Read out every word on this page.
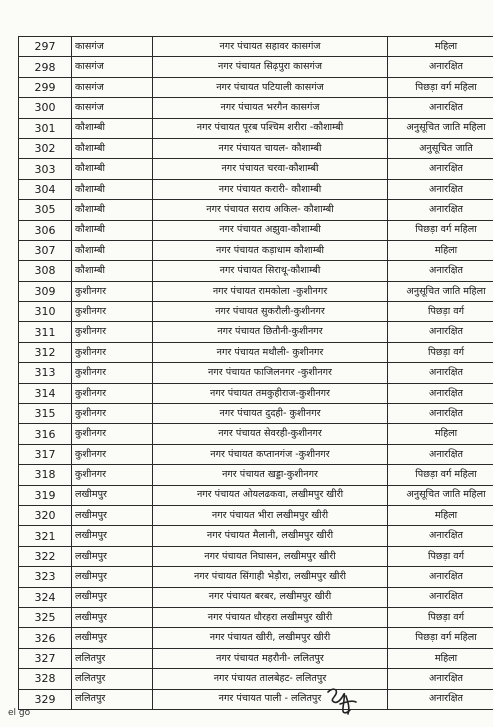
297	कासगंज	नगर पंचायत सहावर कासगंज	महिला
298	कासगंज	नगर पंचायत सिढ़पुरा कासगंज	अनारक्षित
299	कासगंज	नगर पंचायत पटियाली कासगंज	पिछड़ा वर्ग महिला
300	कासगंज	नगर पंचायत भरगैन कासगंज	अनारक्षित
301	कौशाम्बी	नगर पंचायत पूरब पश्चिम शरीरा -कौशाम्बी	अनुसूचित जाति महिला
302	कौशाम्बी	नगर पंचायत चायल- कौशाम्बी	अनुसूचित जाति
303	कौशाम्बी	नगर पंचायत चरवा-कौशाम्बी	अनारक्षित
304	कौशाम्बी	नगर पंचायत करारी- कौशाम्बी	अनारक्षित
305	कौशाम्बी	नगर पंचायत सराय अकिल- कौशाम्बी	अनारक्षित
306	कौशाम्बी	नगर पंचायत अझुवा-कौशाम्बी	पिछड़ा वर्ग महिला
307	कौशाम्बी	नगर पंचायत कड़ाधाम कौशाम्बी	महिला
308	कौशाम्बी	नगर पंचायत सिराथू-कौशाम्बी	अनारक्षित
309	कुशीनगर	नगर पंचायत रामकोला -कुशीनगर	अनुसूचित जाति महिला
310	कुशीनगर	नगर पंचायत सुकरौली-कुशीनगर	पिछड़ा वर्ग
311	कुशीनगर	नगर पंचायत छितौनी-कुशीनगर	अनारक्षित
312	कुशीनगर	नगर पंचायत मथौली- कुशीनगर	पिछड़ा वर्ग
313	कुशीनगर	नगर पंचायत फाजिलनगर -कुशीनगर	अनारक्षित
314	कुशीनगर	नगर पंचायत तमकुहीराज-कुशीनगर	अनारक्षित
315	कुशीनगर	नगर पंचायत दुदही- कुशीनगर	अनारक्षित
316	कुशीनगर	नगर पंचायत सेवरही-कुशीनगर	महिला
317	कुशीनगर	नगर पंचायत कप्तानगंज -कुशीनगर	अनारक्षित
318	कुशीनगर	नगर पंचायत खड्डा-कुशीनगर	पिछड़ा वर्ग महिला
319	लखीमपुर	नगर पंचायत ओयलढकवा, लखीमपुर खीरी	अनुसूचित जाति महिला
320	लखीमपुर	नगर पंचायत भीरा लखीमपुर खीरी	महिला
321	लखीमपुर	नगर पंचायत मैलानी, लखीमपुर खीरी	अनारक्षित
322	लखीमपुर	नगर पंचायत निघासन, लखीमपुर खीरी	पिछड़ा वर्ग
323	लखीमपुर	नगर पंचायत सिंगाही भेड़ौरा, लखीमपुर खीरी	अनारक्षित
324	लखीमपुर	नगर पंचायत बरबर, लखीमपुर खीरी	अनारक्षित
325	लखीमपुर	नगर पंचायत धौरहरा लखीमपुर खीरी	पिछड़ा वर्ग
326	लखीमपुर	नगर पंचायत खीरी, लखीमपुर खीरी	पिछड़ा वर्ग महिला
327	ललितपुर	नगर पंचायत महरौनी- ललितपुर	महिला
328	ललितपुर	नगर पंचायत तालबेहट- ललितपुर	अनारक्षित
329	ललितपुर	नगर पंचायत पाली - ललितपुर	अनारक्षित
el go
